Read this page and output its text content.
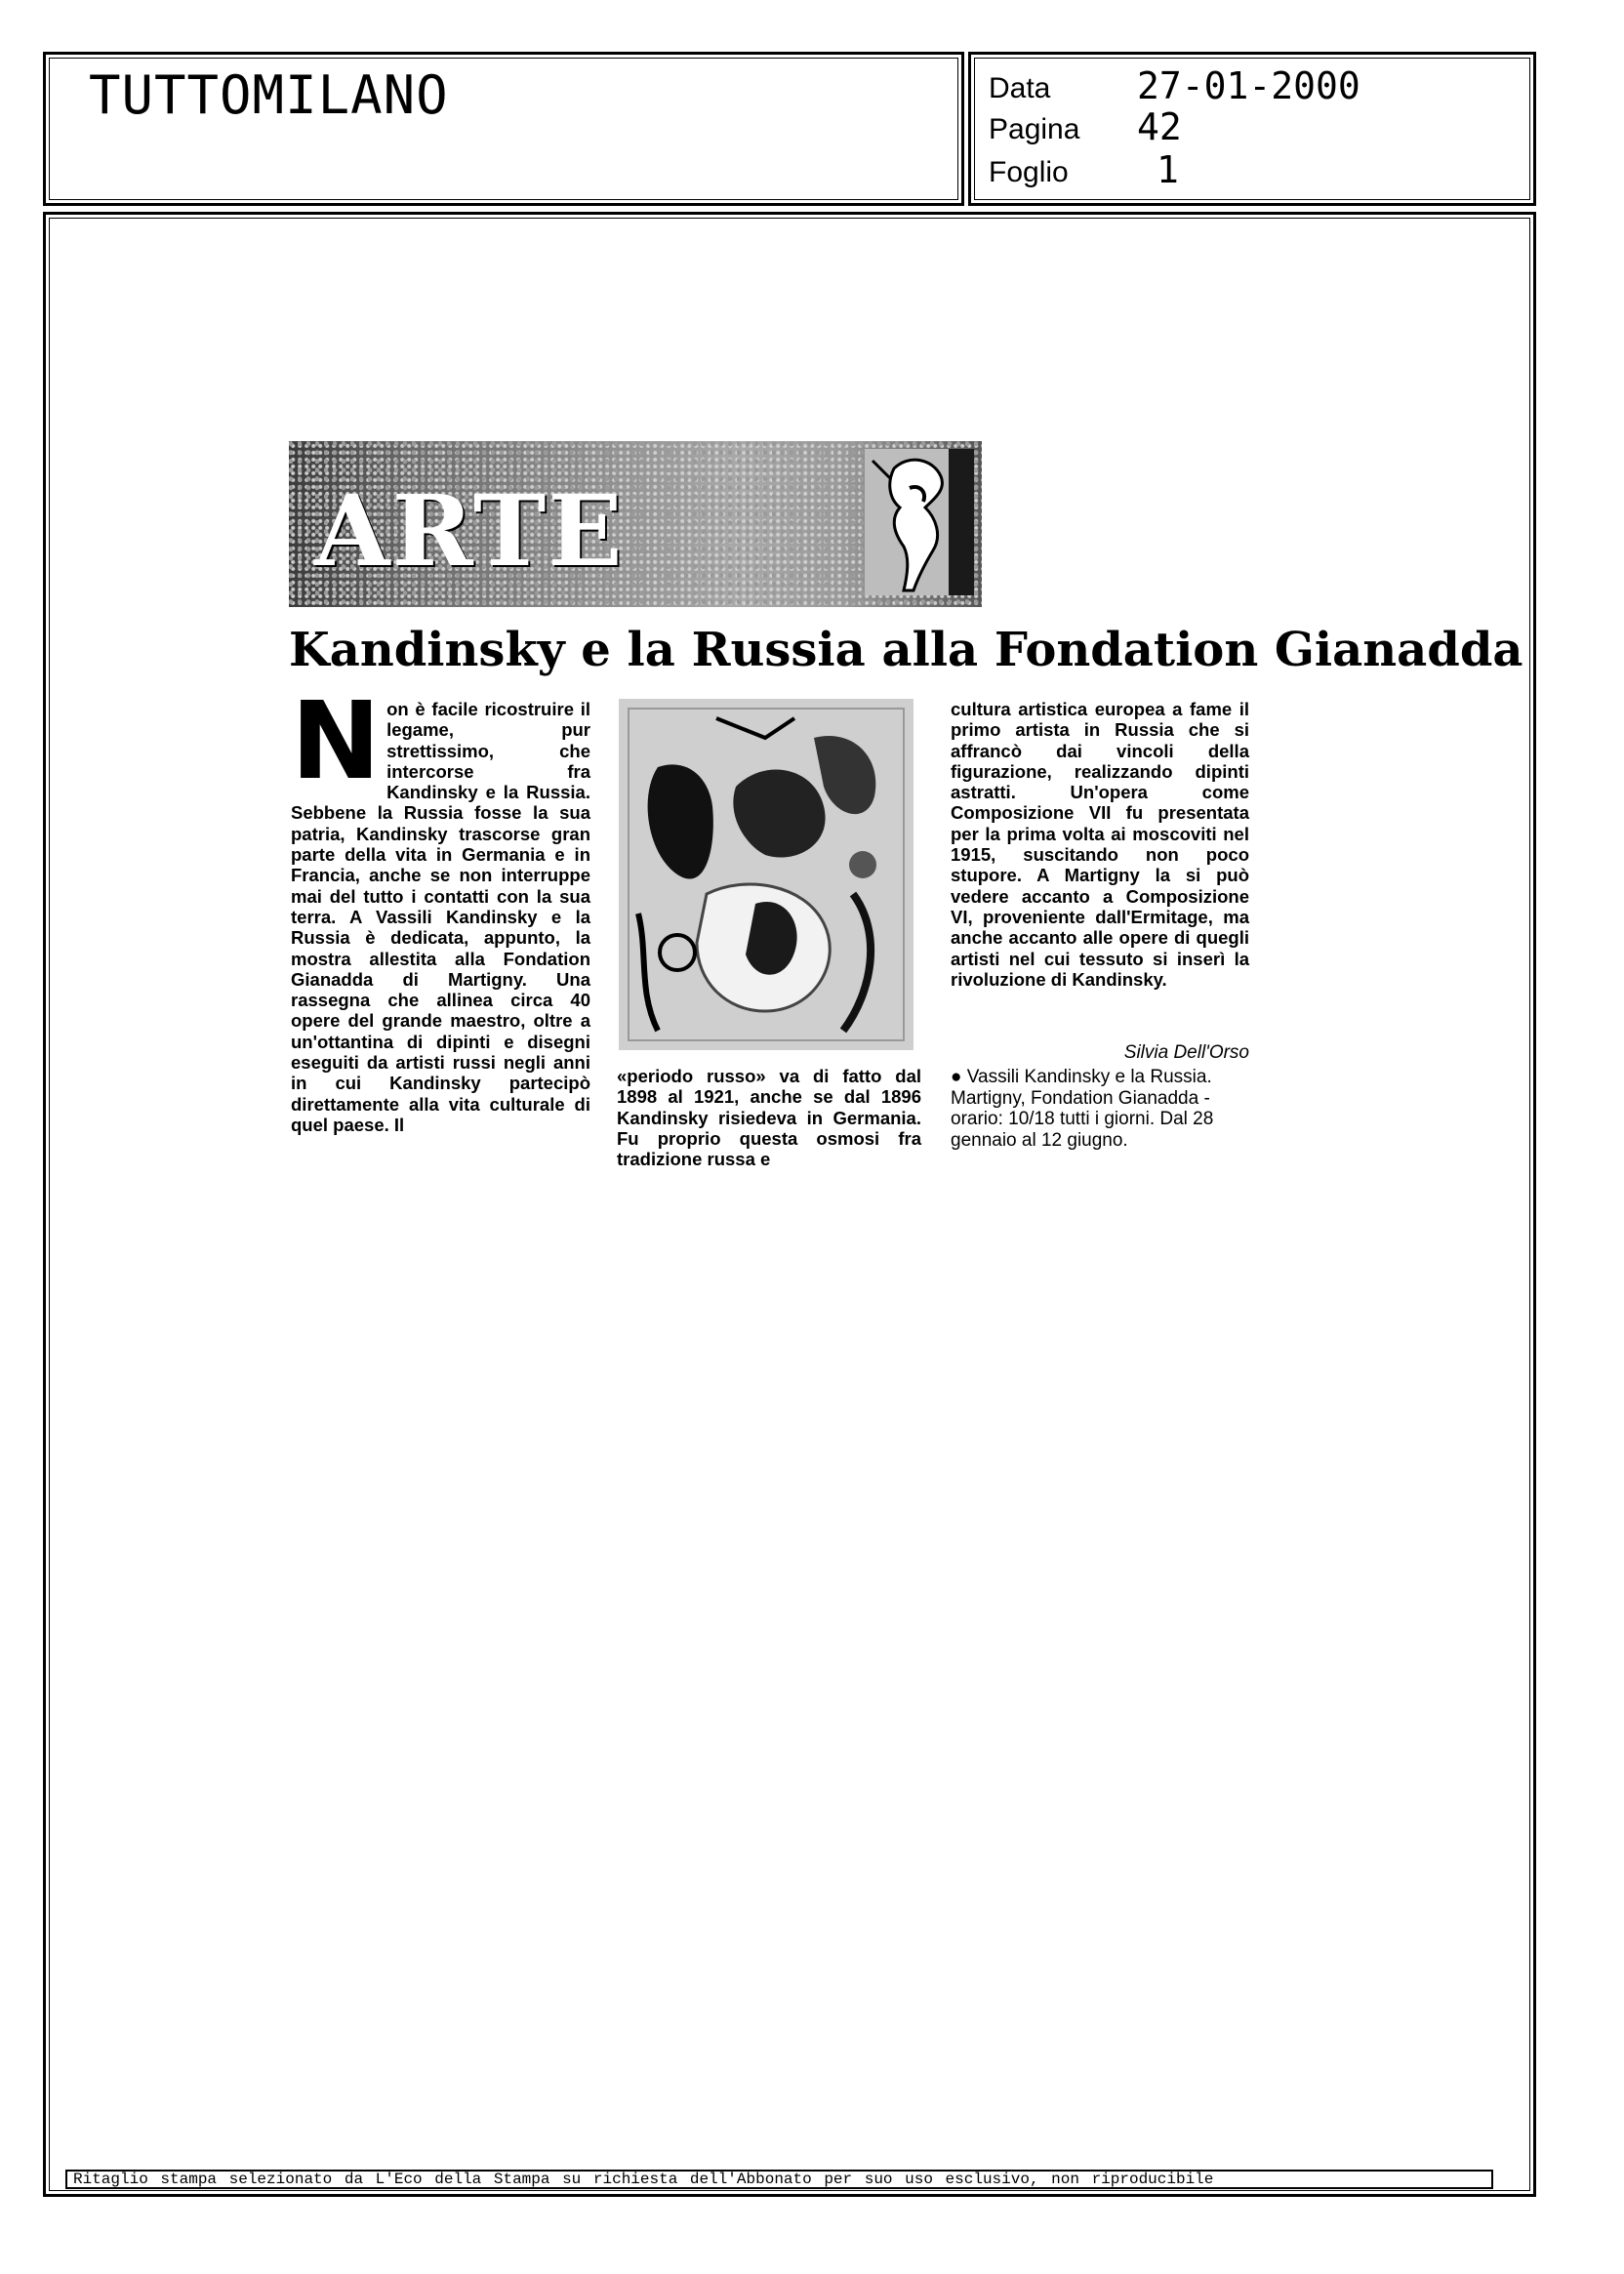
TUTTOMILANO	Data 27-01-2000
Pagina 42
Foglio 1
ARTE
Kandinsky e la Russia alla Fondation Gianadda
N on è facile ricostruire il legame, pur strettissimo, che intercorse fra Kandinsky e la Russia. Sebbene la Russia fosse la sua patria, Kandinsky trascorse gran parte della vita in Germania e in Francia, anche se non interruppe mai del tutto i contatti con la sua terra. A Vassili Kandinsky e la Russia è dedicata, appunto, la mostra allestita alla Fondation Gianadda di Martigny. Una rassegna che allinea circa 40 opere del grande maestro, oltre a un'ottantina di dipinti e disegni eseguiti da artisti russi negli anni in cui Kandinsky partecipò direttamente alla vita culturale di quel paese. Il
«periodo russo» va di fatto dal 1898 al 1921, anche se dal 1896 Kandinsky risiedeva in Germania. Fu proprio questa osmosi fra tradizione russa e
cultura artistica europea a fame il primo artista in Russia che si affrancò dai vincoli della figurazione, realizzando dipinti astratti. Un'opera come Composizione VII fu presentata per la prima volta ai moscoviti nel 1915, suscitando non poco stupore. A Martigny la si può vedere accanto a Composizione VI, proveniente dall'Ermitage, ma anche accanto alle opere di quegli artisti nel cui tessuto si inserì la rivoluzione di Kandinsky.
Silvia Dell'Orso
● Vassili Kandinsky e la Russia. Martigny, Fondation Gianadda - orario: 10/18 tutti i giorni. Dal 28 gennaio al 12 giugno.
Ritaglio stampa selezionato da L'Eco della Stampa su richiesta dell'Abbonato per suo uso esclusivo, non riproducibile
